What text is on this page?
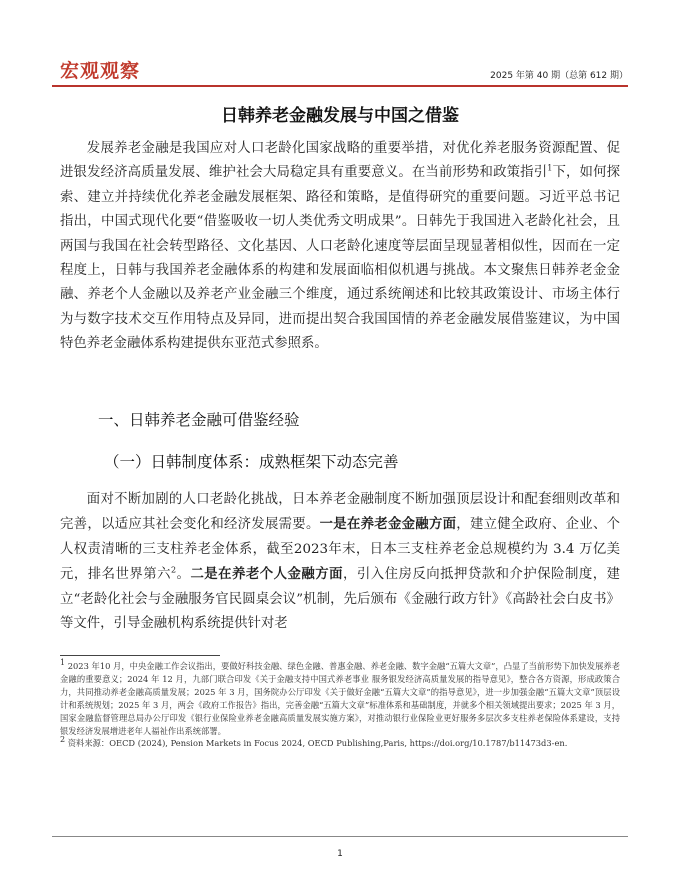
宏观观察	2025 年第 40 期（总第 612 期）
日韩养老金融发展与中国之借鉴
发展养老金融是我国应对人口老龄化国家战略的重要举措，对优化养老服务资源配置、促进银发经济高质量发展、维护社会大局稳定具有重要意义。在当前形势和政策指引$^1$下，如何探索、建立并持续优化养老金融发展框架、路径和策略，是值得研究的重要问题。习近平总书记指出，中国式现代化要“借鉴吸收一切人类优秀文明成果”。日韩先于我国进入老龄化社会，且两国与我国在社会转型路径、文化基因、人口老龄化速度等层面呈现显著相似性，因而在一定程度上，日韩与我国养老金融体系的构建和发展面临相似机遇与挑战。本文聚焦日韩养老金金融、养老个人金融以及养老产业金融三个维度，通过系统阐述和比较其政策设计、市场主体行为与数字技术交互作用特点及异同，进而提出契合我国国情的养老金融发展借鉴建议，为中国特色养老金融体系构建提供东亚范式参照系。
一、日韩养老金融可借鉴经验
（一）日韩制度体系：成熟框架下动态完善
面对不断加剧的人口老龄化挑战，日本养老金融制度不断加强顶层设计和配套细则改革和完善，以适应其社会变化和经济发展需要。一是在养老金金融方面，建立健全政府、企业、个人权责清晰的三支柱养老金体系，截至2023年末，日本三支柱养老金总规模约为 3.4 万亿美元，排名世界第六$^2$。二是在养老个人金融方面，引入住房反向抵押贷款和介护保险制度，建立“老龄化社会与金融服务官民圆桌会议”机制，先后颁布《金融行政方针》《高龄社会白皮书》等文件，引导金融机构系统提供针对老

$^1$ 2023 年10 月，中央金融工作会议指出，要做好科技金融、绿色金融、普惠金融、养老金融、数字金融“五篇大文章”，凸显了当前形势下加快发展养老金融的重要意义；2024 年 12 月，九部门联合印发《关于金融支持中国式养老事业 服务银发经济高质量发展的指导意见》，整合各方资源，形成政策合力，共同推动养老金融高质量发展；2025 年 3 月，国务院办公厅印发《关于做好金融“五篇大文章”的指导意见》，进一步加强金融“五篇大文章”顶层设计和系统规划；2025 年 3 月，两会《政府工作报告》指出，完善金融“五篇大文章”标准体系和基础制度，并就多个相关领域提出要求；2025 年 3 月，国家金融监督管理总局办公厅印发《银行业保险业养老金融高质量发展实施方案》，对推动银行业保险业更好服务多层次多支柱养老保险体系建设，支持银发经济发展增进老年人福祉作出系统部署。

$^2$ 资料来源：OECD (2024), Pension Markets in Focus 2024, OECD Publishing,Paris, https://doi.org/10.1787/b11473d3-en.

1
